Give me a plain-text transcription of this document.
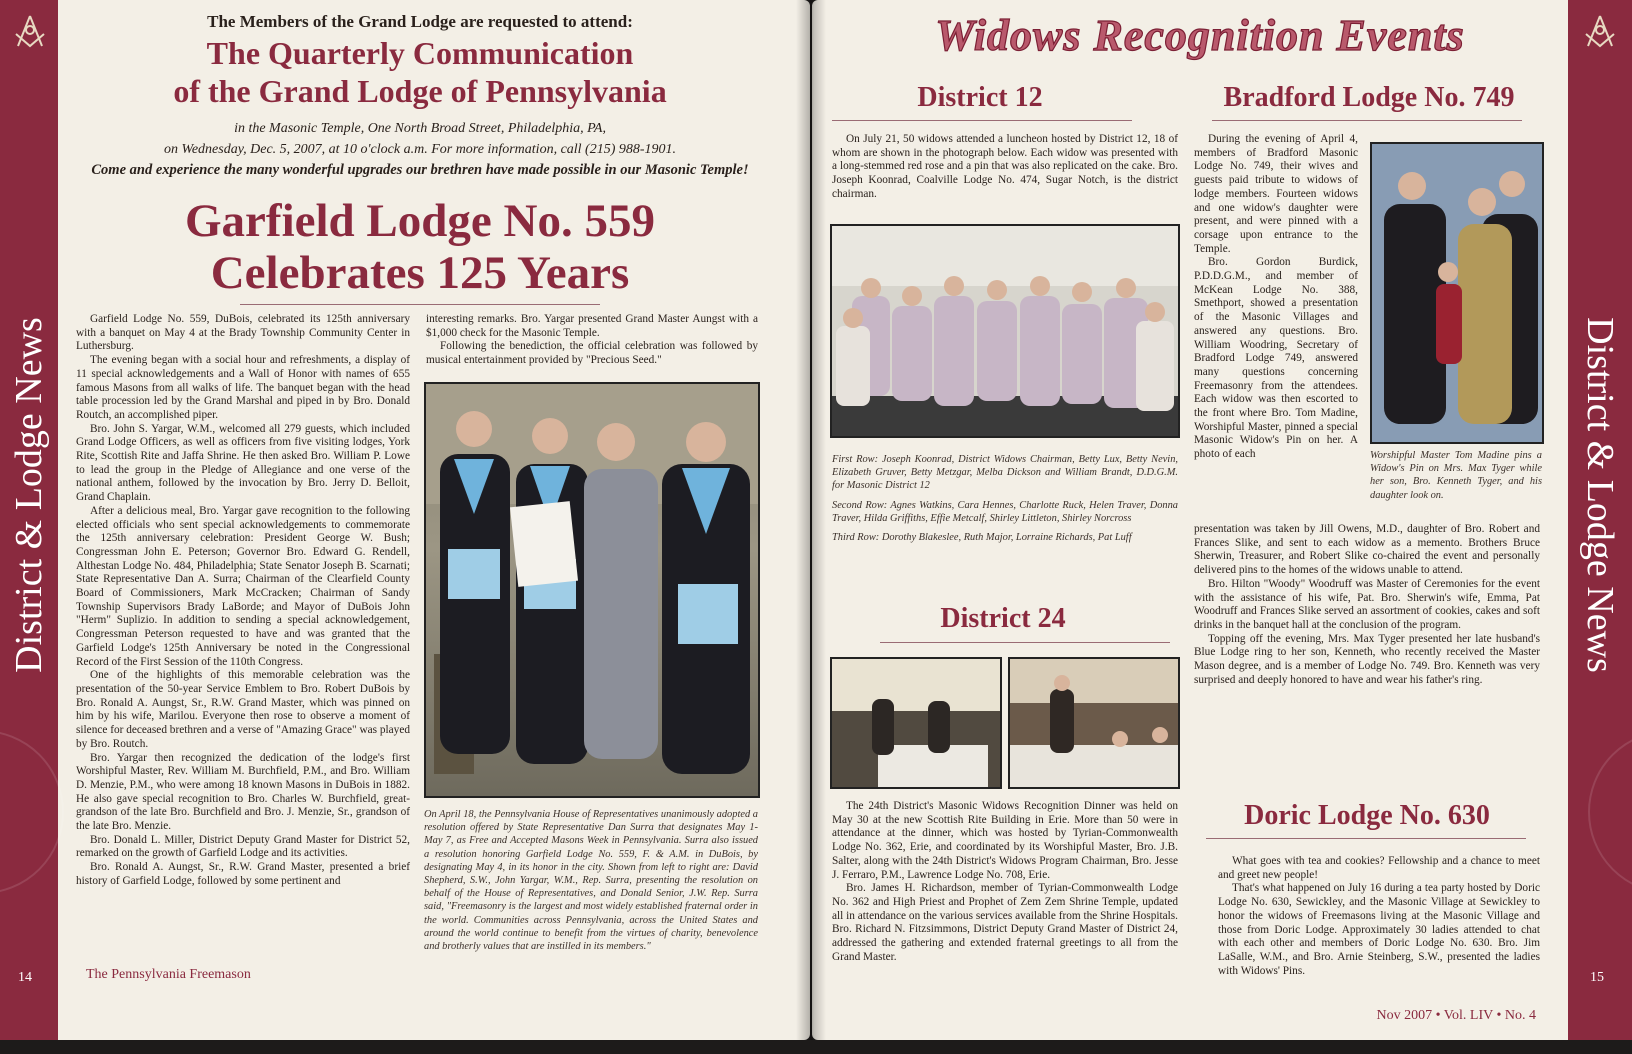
District & Lodge News
14
The Members of the Grand Lodge are requested to attend:
The Quarterly Communication
of the Grand Lodge of Pennsylvania
in the Masonic Temple, One North Broad Street, Philadelphia, PA,
on Wednesday, Dec. 5, 2007, at 10 o'clock a.m. For more information, call (215) 988-1901.
Come and experience the many wonderful upgrades our brethren have made possible in our Masonic Temple!
Garfield Lodge No. 559
Celebrates 125 Years

Garfield Lodge No. 559, DuBois, celebrated its 125th anniversary with a banquet on May 4 at the Brady Township Community Center in Luthersburg.

The evening began with a social hour and refreshments, a display of 11 special acknowledgements and a Wall of Honor with names of 655 famous Masons from all walks of life. The banquet began with the head table procession led by the Grand Marshal and piped in by Bro. Donald Routch, an accomplished piper.

Bro. John S. Yargar, W.M., welcomed all 279 guests, which included Grand Lodge Officers, as well as officers from five visiting lodges, York Rite, Scottish Rite and Jaffa Shrine. He then asked Bro. William P. Lowe to lead the group in the Pledge of Allegiance and one verse of the national anthem, followed by the invocation by Bro. Jerry D. Belloit, Grand Chaplain.

After a delicious meal, Bro. Yargar gave recognition to the following elected officials who sent special acknowledgements to commemorate the 125th anniversary celebration: President George W. Bush; Congressman John E. Peterson; Governor Bro. Edward G. Rendell, Althestan Lodge No. 484, Philadelphia; State Senator Joseph B. Scarnati; State Representative Dan A. Surra; Chairman of the Clearfield County Board of Commissioners, Mark McCracken; Chairman of Sandy Township Supervisors Brady LaBorde; and Mayor of DuBois John "Herm" Suplizio. In addition to sending a special acknowledgement, Congressman Peterson requested to have and was granted that the Garfield Lodge's 125th Anniversary be noted in the Congressional Record of the First Session of the 110th Congress.

One of the highlights of this memorable celebration was the presentation of the 50-year Service Emblem to Bro. Robert DuBois by Bro. Ronald A. Aungst, Sr., R.W. Grand Master, which was pinned on him by his wife, Marilou. Everyone then rose to observe a moment of silence for deceased brethren and a verse of "Amazing Grace" was played by Bro. Routch.

Bro. Yargar then recognized the dedication of the lodge's first Worshipful Master, Rev. William M. Burchfield, P.M., and Bro. William D. Menzie, P.M., who were among 18 known Masons in DuBois in 1882. He also gave special recognition to Bro. Charles W. Burchfield, great-grandson of the late Bro. Burchfield and Bro. J. Menzie, Sr., grandson of the late Bro. Menzie.

Bro. Donald L. Miller, District Deputy Grand Master for District 52, remarked on the growth of Garfield Lodge and its activities.

Bro. Ronald A. Aungst, Sr., R.W. Grand Master, presented a brief history of Garfield Lodge, followed by some pertinent and

interesting remarks. Bro. Yargar presented Grand Master Aungst with a $1,000 check for the Masonic Temple.

Following the benediction, the official celebration was followed by musical entertainment provided by "Precious Seed."

On April 18, the Pennsylvania House of Representatives unanimously adopted a resolution offered by State Representative Dan Surra that designates May 1-May 7, as Free and Accepted Masons Week in Pennsylvania. Surra also issued a resolution honoring Garfield Lodge No. 559, F. & A.M. in DuBois, by designating May 4, in its honor in the city. Shown from left to right are: David Shepherd, S.W., John Yargar, W.M., Rep. Surra, presenting the resolution on behalf of the House of Representatives, and Donald Senior, J.W. Rep. Surra said, "Freemasonry is the largest and most widely established fraternal order in the world. Communities across Pennsylvania, across the United States and around the world continue to benefit from the virtues of charity, benevolence and brotherly values that are instilled in its members."
The Pennsylvania Freemason
District & Lodge News
15
Widows Recognition Events
District 12

On July 21, 50 widows attended a luncheon hosted by District 12, 18 of whom are shown in the photograph below. Each widow was presented with a long-stemmed red rose and a pin that was also replicated on the cake. Bro. Joseph Koonrad, Coalville Lodge No. 474, Sugar Notch, is the district chairman.

First Row: Joseph Koonrad, District Widows Chairman, Betty Lux, Betty Nevin, Elizabeth Gruver, Betty Metzgar, Melba Dickson and William Brandt, D.D.G.M. for Masonic District 12

Second Row: Agnes Watkins, Cara Hennes, Charlotte Ruck, Helen Traver, Donna Traver, Hilda Griffiths, Effie Metcalf, Shirley Littleton, Shirley Norcross

Third Row: Dorothy Blakeslee, Ruth Major, Lorraine Richards, Pat Luff

District 24

The 24th District's Masonic Widows Recognition Dinner was held on May 30 at the new Scottish Rite Building in Erie. More than 50 were in attendance at the dinner, which was hosted by Tyrian-Commonwealth Lodge No. 362, Erie, and coordinated by its Worshipful Master, Bro. J.B. Salter, along with the 24th District's Widows Program Chairman, Bro. Jesse J. Ferraro, P.M., Lawrence Lodge No. 708, Erie.

Bro. James H. Richardson, member of Tyrian-Commonwealth Lodge No. 362 and High Priest and Prophet of Zem Zem Shrine Temple, updated all in attendance on the various services available from the Shrine Hospitals. Bro. Richard N. Fitzsimmons, District Deputy Grand Master of District 24, addressed the gathering and extended fraternal greetings to all from the Grand Master.

Bradford Lodge No. 749

During the evening of April 4, members of Bradford Masonic Lodge No. 749, their wives and guests paid tribute to widows of lodge members. Fourteen widows and one widow's daughter were present, and were pinned with a corsage upon entrance to the Temple.

Bro. Gordon Burdick, P.D.D.G.M., and member of McKean Lodge No. 388, Smethport, showed a presentation of the Masonic Villages and answered any questions. Bro. William Woodring, Secretary of Bradford Lodge 749, answered many questions concerning Freemasonry from the attendees. Each widow was then escorted to the front where Bro. Tom Madine, Worshipful Master, pinned a special Masonic Widow's Pin on her. A photo of each	Worshipful Master Tom Madine pins a Widow's Pin on Mrs. Max Tyger while her son, Bro. Kenneth Tyger, and his daughter look on.

presentation was taken by Jill Owens, M.D., daughter of Bro. Robert and Frances Slike, and sent to each widow as a memento. Brothers Bruce Sherwin, Treasurer, and Robert Slike co-chaired the event and personally delivered pins to the homes of the widows unable to attend.

Bro. Hilton "Woody" Woodruff was Master of Ceremonies for the event with the assistance of his wife, Pat. Bro. Sherwin's wife, Emma, Pat Woodruff and Frances Slike served an assortment of cookies, cakes and soft drinks in the banquet hall at the conclusion of the program.

Topping off the evening, Mrs. Max Tyger presented her late husband's Blue Lodge ring to her son, Kenneth, who recently received the Master Mason degree, and is a member of Lodge No. 749. Bro. Kenneth was very surprised and deeply honored to have and wear his father's ring.

Doric Lodge No. 630

What goes with tea and cookies? Fellowship and a chance to meet and greet new people!

That's what happened on July 16 during a tea party hosted by Doric Lodge No. 630, Sewickley, and the Masonic Village at Sewickley to honor the widows of Freemasons living at the Masonic Village and those from Doric Lodge. Approximately 30 ladies attended to chat with each other and members of Doric Lodge No. 630. Bro. Jim LaSalle, W.M., and Bro. Arnie Steinberg, S.W., presented the ladies with Widows' Pins.

Nov 2007 • Vol. LIV • No. 4
